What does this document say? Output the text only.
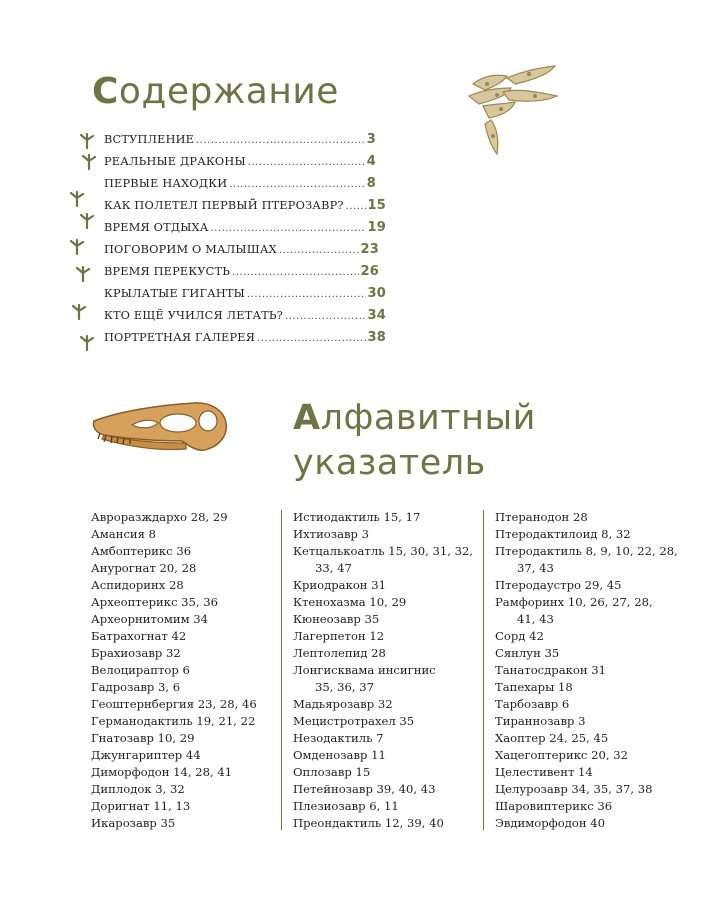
Содержание
ВСТУПЛЕНИЕ .....	3
РЕАЛЬНЫЕ ДРАКОНЫ .....	4
ПЕРВЫЕ НАХОДКИ .....	8
КАК ПОЛЕТЕЛ ПЕРВЫЙ ПТЕРОЗАВР? ..... 15
ВРЕМЯ ОТДЫХА .....	19
ПОГОВОРИМ О МАЛЫШАХ .....	23
ВРЕМЯ ПЕРЕКУСТЬ .....	26
КРЫЛАТЫЕ ГИГАНТЫ .....	30
КТО ЕЩЁ УЧИЛСЯ ЛЕТАТЬ? .....	34
ПОРТРЕТНАЯ ГАЛЕРЕЯ .....	38
Алфавитный
указатель
Авроразждархо 28, 29
Амансия 8
Амбоптерикс 36
Анурогнат 20, 28
Аспидоринх 28
Археоптерикс 35, 36
Археорнитомим 34
Батрахогнат 42
Брахиозавр 32
Велоцираптор 6
Гадрозавр 3, 6
Геоштернбергия 23, 28, 46
Германодактиль 19, 21, 22
Гнатозавр 10, 29
Джунгариптер 44
Диморфодон 14, 28, 41
Диплодок 3, 32
Доригнат 11, 13
Икарозавр 35
Истиодактиль 15, 17
Ихтиозавр 3
Кетцалькоатль 15, 30, 31, 32,
33, 47
Криодракон 31
Ктенохазма 10, 29
Кюнеозавр 35
Лагерпетон 12
Лептолепид 28
Лонгисквама инсигнис
35, 36, 37
Мадьярозавр 32
Мецистротрахел 35
Незодактиль 7
Омденозавр 11
Оплозавр 15
Петейнозавр 39, 40, 43
Плезиозавр 6, 11
Преондактиль 12, 39, 40
Птеранодон 28
Птеродактилоид 8, 32
Птеродактиль 8, 9, 10, 22, 28,
37, 43
Птеродаустро 29, 45
Рамфоринх 10, 26, 27, 28,
41, 43
Сорд 42
Сянлун 35
Танатосдракон 31
Тапехары 18
Тарбозавр 6
Тираннозавр 3
Хаоптер 24, 25, 45
Хацегоптерикс 20, 32
Целестивент 14
Целурозавр 34, 35, 37, 38
Шаровиптерикс 36
Эвдиморфодон 40
